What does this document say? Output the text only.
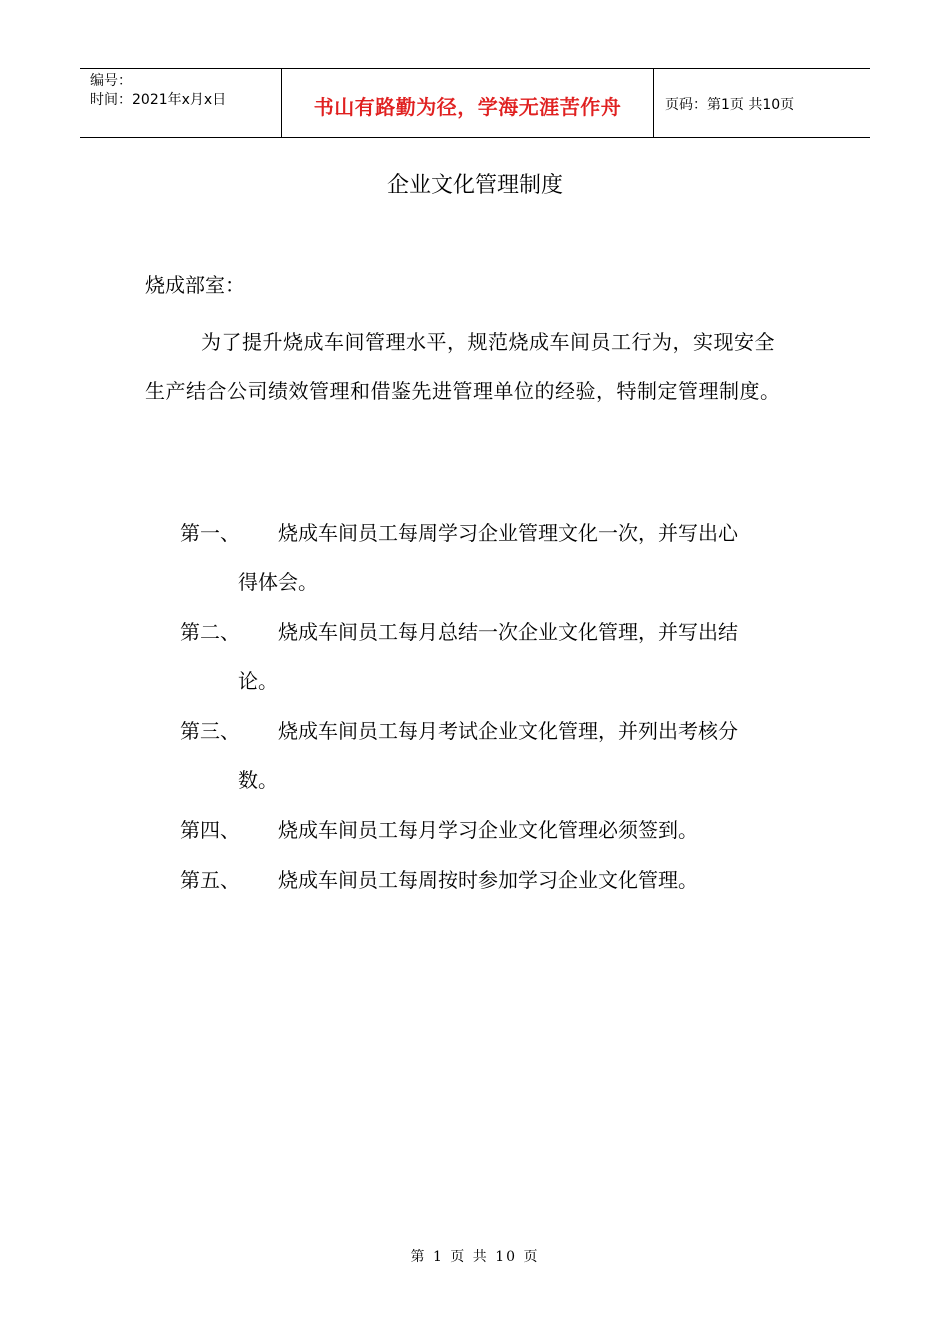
编号：
时间：2021年x月x日	书山有路勤为径，学海无涯苦作舟	页码：第1页 共10页
企业文化管理制度
烧成部室：

为了提升烧成车间管理水平，规范烧成车间员工行为，实现安全生产结合公司绩效管理和借鉴先进管理单位的经验，特制定管理制度。

第一、 烧成车间员工每周学习企业管理文化一次，并写出心
得体会。
第二、 烧成车间员工每月总结一次企业文化管理，并写出结
论。
第三、 烧成车间员工每月考试企业文化管理，并列出考核分
数。
第四、 烧成车间员工每月学习企业文化管理必须签到。
第五、 烧成车间员工每周按时参加学习企业文化管理。
第 1 页 共 10 页
